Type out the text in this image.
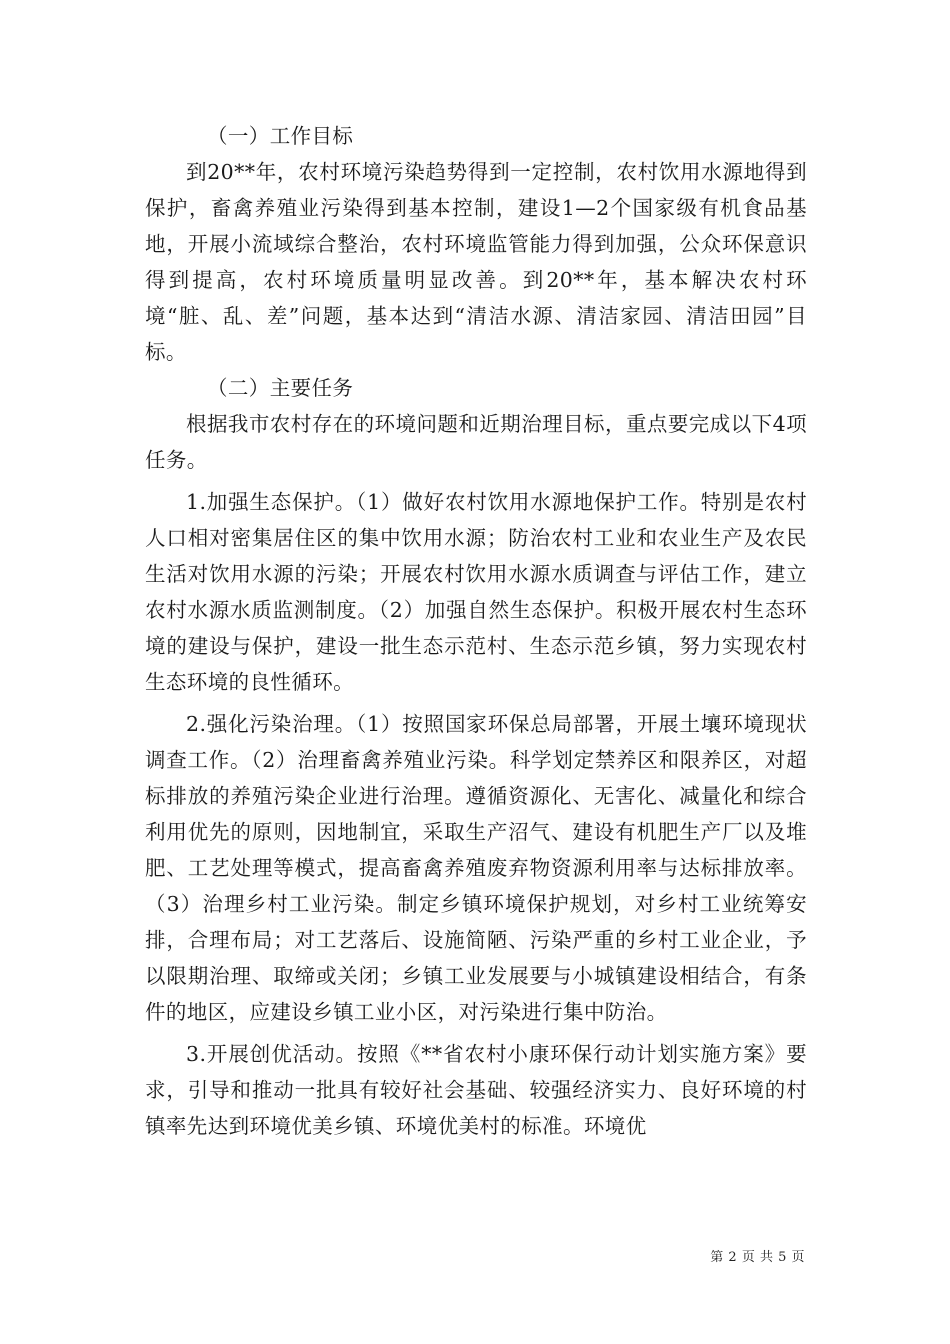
（一）工作目标

到20**年，农村环境污染趋势得到一定控制，农村饮用水源地得到保护，畜禽养殖业污染得到基本控制，建设1—2个国家级有机食品基地，开展小流域综合整治，农村环境监管能力得到加强，公众环保意识得到提高，农村环境质量明显改善。到20**年，基本解决农村环境“脏、乱、差”问题，基本达到“清洁水源、清洁家园、清洁田园”目标。

（二）主要任务

根据我市农村存在的环境问题和近期治理目标，重点要完成以下4项任务。

1.加强生态保护。（1）做好农村饮用水源地保护工作。特别是农村人口相对密集居住区的集中饮用水源；防治农村工业和农业生产及农民生活对饮用水源的污染；开展农村饮用水源水质调查与评估工作，建立农村水源水质监测制度。（2）加强自然生态保护。积极开展农村生态环境的建设与保护，建设一批生态示范村、生态示范乡镇，努力实现农村生态环境的良性循环。

2.强化污染治理。（1）按照国家环保总局部署，开展土壤环境现状调查工作。（2）治理畜禽养殖业污染。科学划定禁养区和限养区，对超标排放的养殖污染企业进行治理。遵循资源化、无害化、减量化和综合利用优先的原则，因地制宜，采取生产沼气、建设有机肥生产厂以及堆肥、工艺处理等模式，提高畜禽养殖废弃物资源利用率与达标排放率。（3）治理乡村工业污染。制定乡镇环境保护规划，对乡村工业统筹安排，合理布局；对工艺落后、设施简陋、污染严重的乡村工业企业，予以限期治理、取缔或关闭；乡镇工业发展要与小城镇建设相结合，有条件的地区，应建设乡镇工业小区，对污染进行集中防治。

3.开展创优活动。按照《**省农村小康环保行动计划实施方案》要求，引导和推动一批具有较好社会基础、较强经济实力、良好环境的村镇率先达到环境优美乡镇、环境优美村的标准。环境优

第 2 页 共 5 页
